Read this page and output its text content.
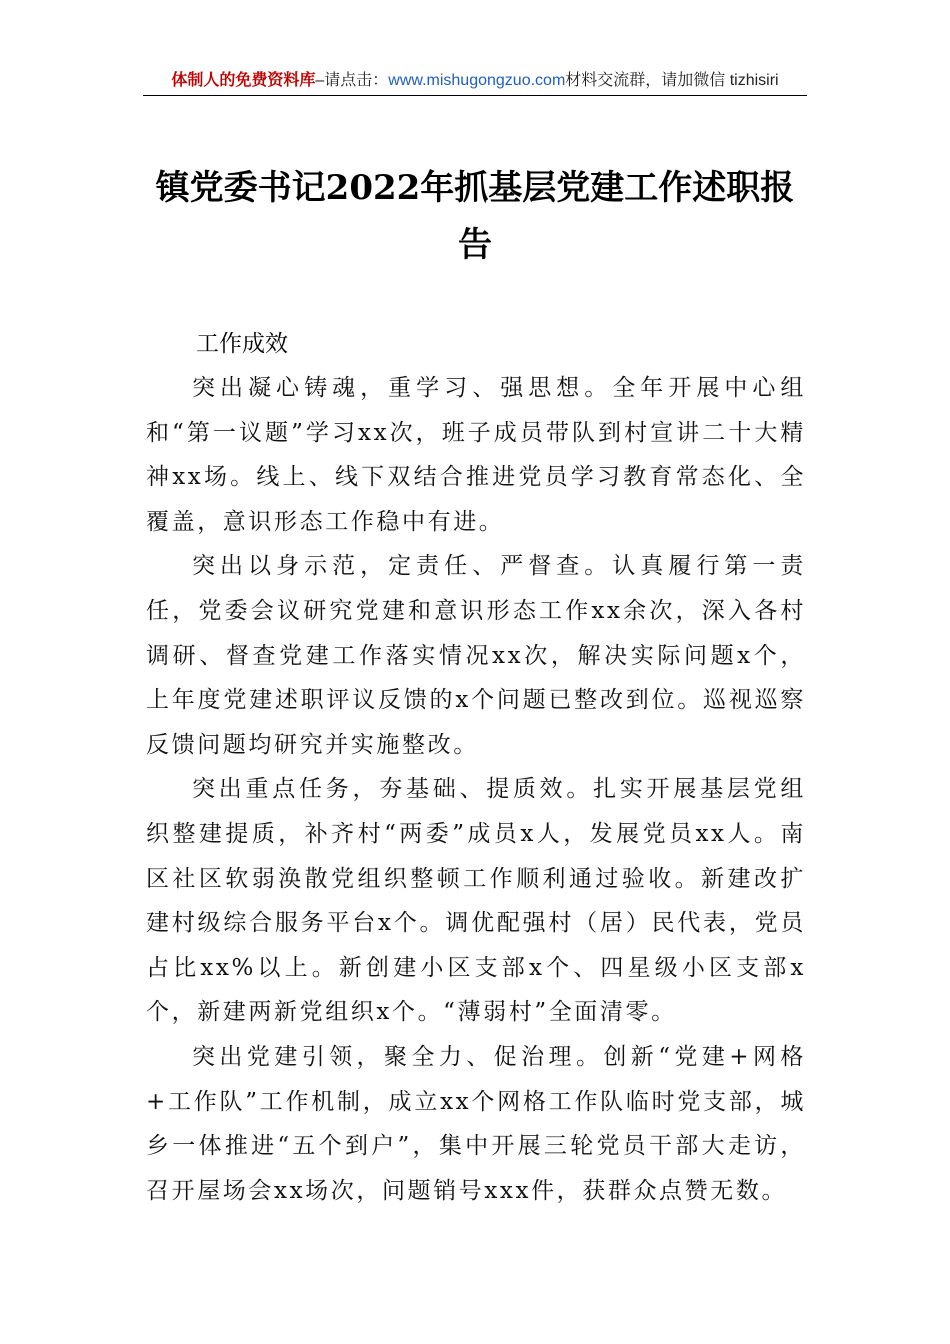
体制人的免费资料库–请点击：www.mishugongzuo.com材料交流群，请加微信 tizhisiri
镇党委书记2022年抓基层党建工作述职报告
工作成效

突出凝心铸魂，重学习、强思想。全年开展中心组和“第一议题”学习xx次，班子成员带队到村宣讲二十大精神xx场。线上、线下双结合推进党员学习教育常态化、全覆盖，意识形态工作稳中有进。

突出以身示范，定责任、严督查。认真履行第一责任，党委会议研究党建和意识形态工作xx余次，深入各村调研、督查党建工作落实情况xx次，解决实际问题x个，上年度党建述职评议反馈的x个问题已整改到位。巡视巡察反馈问题均研究并实施整改。

突出重点任务，夯基础、提质效。扎实开展基层党组织整建提质，补齐村“两委”成员x人，发展党员xx人。南区社区软弱涣散党组织整顿工作顺利通过验收。新建改扩建村级综合服务平台x个。调优配强村（居）民代表，党员占比xx%以上。新创建小区支部x个、四星级小区支部x个，新建两新党组织x个。“薄弱村”全面清零。

突出党建引领，聚全力、促治理。创新“党建+网格+工作队”工作机制，成立xx个网格工作队临时党支部，城乡一体推进“五个到户”，集中开展三轮党员干部大走访，召开屋场会xx场次，问题销号xxx件，获群众点赞无数。
